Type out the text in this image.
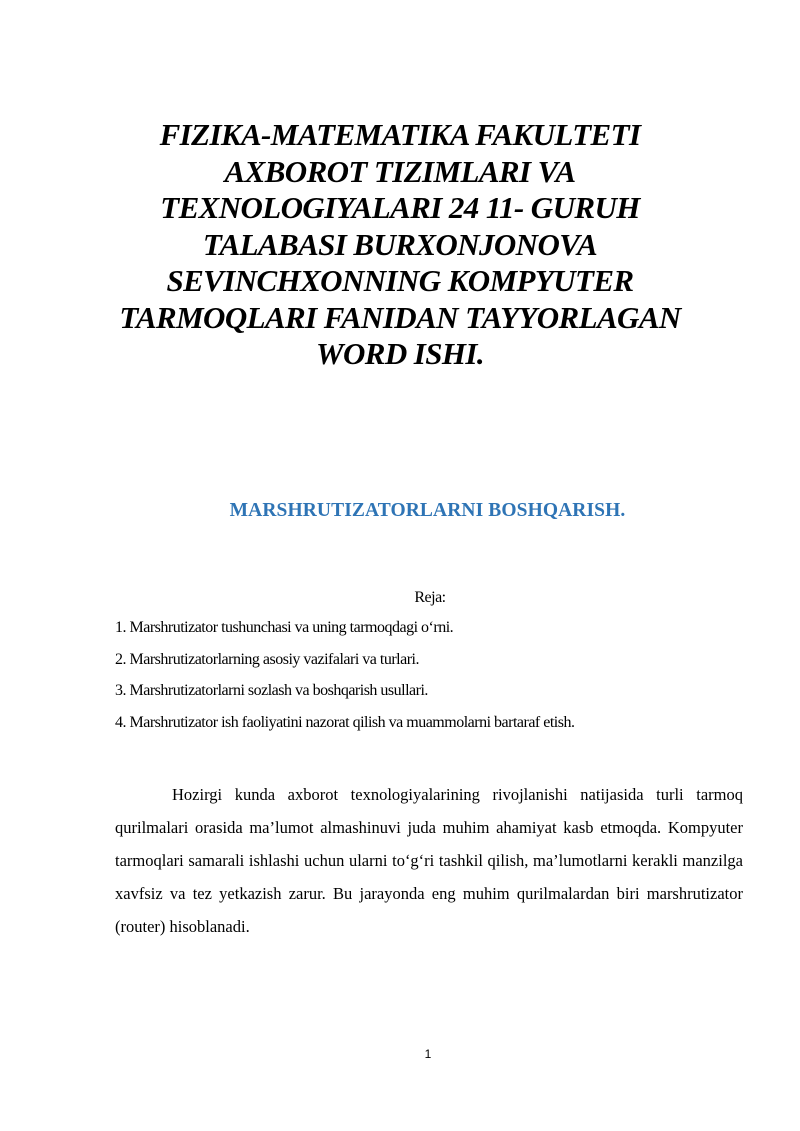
FIZIKA-MATEMATIKA FAKULTETI
AXBOROT TIZIMLARI VA
TEXNOLOGIYALARI 24 11- GURUH
TALABASI BURXONJONOVA
SEVINCHXONNING KOMPYUTER
TARMOQLARI FANIDAN TAYYORLAGAN
WORD ISHI.
MARSHRUTIZATORLARNI BOSHQARISH.
Reja:
1. Marshrutizator tushunchasi va uning tarmoqdagi o‘rni.
2. Marshrutizatorlarning asosiy vazifalari va turlari.
3. Marshrutizatorlarni sozlash va boshqarish usullari.
4. Marshrutizator ish faoliyatini nazorat qilish va muammolarni bartaraf etish.

Hozirgi kunda axborot texnologiyalarining rivojlanishi natijasida turli tarmoq qurilmalari orasida ma’lumot almashinuvi juda muhim ahamiyat kasb etmoqda. Kompyuter tarmoqlari samarali ishlashi uchun ularni to‘g‘ri tashkil qilish, ma’lumotlarni kerakli manzilga xavfsiz va tez yetkazish zarur. Bu jarayonda eng muhim qurilmalardan biri marshrutizator (router) hisoblanadi.

1
